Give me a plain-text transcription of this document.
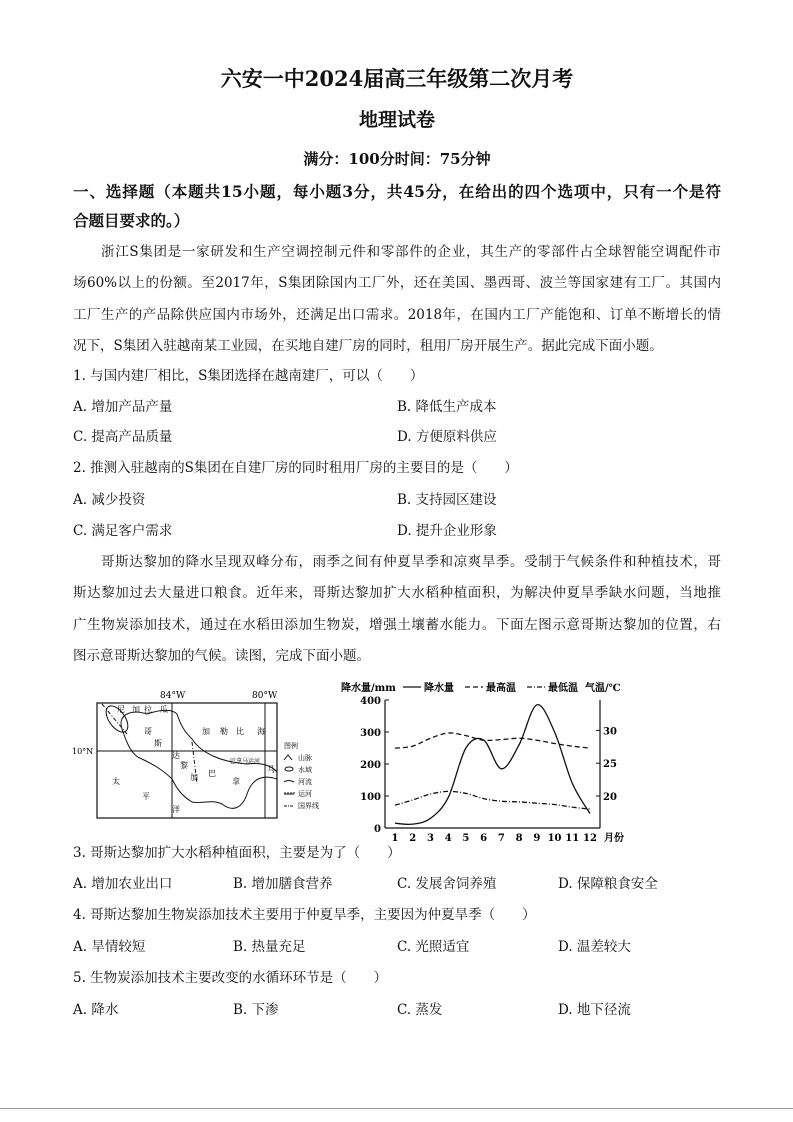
六安一中2024届高三年级第二次月考
地理试卷
满分：100分时间：75分钟
一、选择题（本题共15小题，每小题3分，共45分，在给出的四个选项中，只有一个是符
合题目要求的。）
浙江S集团是一家研发和生产空调控制元件和零部件的企业，其生产的零部件占全球智能空调配件市
场60%以上的份额。至2017年，S集团除国内工厂外，还在美国、墨西哥、波兰等国家建有工厂。其国内
工厂生产的产品除供应国内市场外，还满足出口需求。2018年，在国内工厂产能饱和、订单不断增长的情
况下，S集团入驻越南某工业园，在买地自建厂房的同时，租用厂房开展生产。据此完成下面小题。
1. 与国内建厂相比，S集团选择在越南建厂，可以（　　）
A. 增加产品产量	B. 降低生产成本
C. 提高产品质量	D. 方便原料供应
2. 推测入驻越南的S集团在自建厂房的同时租用厂房的主要目的是（　　）
A. 减少投资	B. 支持园区建设
C. 满足客户需求	D. 提升企业形象
哥斯达黎加的降水呈现双峰分布，雨季之间有仲夏旱季和凉爽旱季。受制于气候条件和种植技术，哥
斯达黎加过去大量进口粮食。近年来，哥斯达黎加扩大水稻种植面积，为解决仲夏旱季缺水问题，当地推
广生物炭添加技术，通过在水稻田添加生物炭，增强土壤蓄水能力。下面左图示意哥斯达黎加的位置，右
图示意哥斯达黎加的气候。读图，完成下面小题。
3. 哥斯达黎加扩大水稻种植面积，主要是为了（　　）
A. 增加农业出口	B. 增加膳食营养	C. 发展舍饲养殖	D. 保障粮食安全
4. 哥斯达黎加生物炭添加技术主要用于仲夏旱季，主要因为仲夏旱季（　　）
A. 旱情较短	B. 热量充足	C. 光照适宜	D. 温差较大
5. 生物炭添加技术主要改变的水循环环节是（　　）
A. 降水	B. 下渗	C. 蒸发	D. 地下径流
84°W	80°W
10°N
尼 加 拉 瓜
哥
斯
达
黎
加 巴
拿
马
加 勒 比 海
太
平
洋
巴拿马运河
图例
山脉
水域
河流
运河
国界线
降水量/mm	气温/℃
降水量	最高温	最低温
0
100
200
300
400
20
25
30
1 2 3 4 5 6 7 8 9 10 11 12 月份
